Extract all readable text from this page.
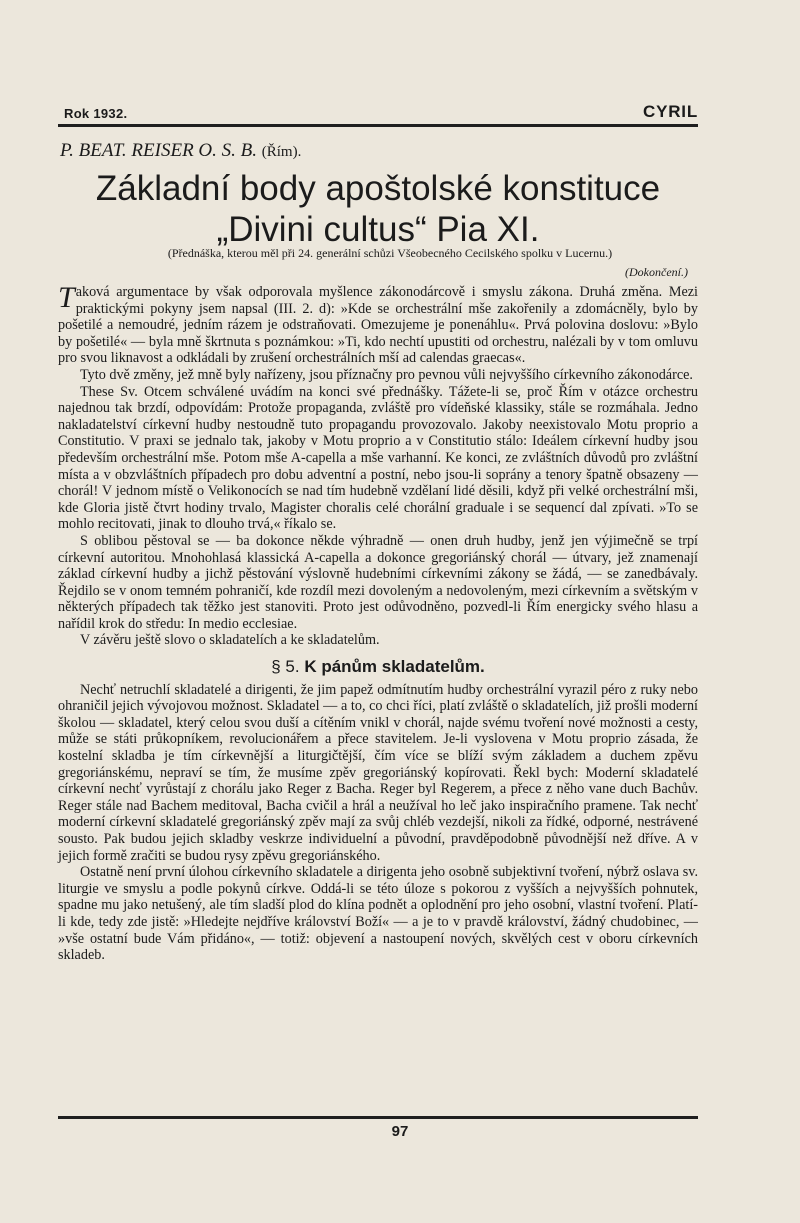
Rok 1932.	CYRIL
P. BEAT. REISER O. S. B. (Řím).
Základní body apoštolské konstituce
„Divini cultus“ Pia XI.
(Přednáška, kterou měl při 24. generální schůzi Všeobecného Cecilského spolku v Lucernu.)
(Dokončení.)

Taková argumentace by však odporovala myšlence zákonodárcově i smyslu zákona. Druhá změna. Mezi praktickými pokyny jsem napsal (III. 2. d): »Kde se orchestrální mše zakořenily a zdomácněly, bylo by pošetilé a nemoudré, jedním rázem je odstraňovati. Omezujeme je ponenáhlu«. Prvá polovina doslovu: »Bylo by pošetilé« — byla mně škrtnuta s poznámkou: »Ti, kdo nechtí upustiti od orchestru, nalézali by v tom omluvu pro svou liknavost a odkládali by zrušení orchestrálních mší ad calendas graecas«.

Tyto dvě změny, jež mně byly nařízeny, jsou příznačny pro pevnou vůli nejvyššího církevního zákonodárce.

These Sv. Otcem schválené uvádím na konci své přednášky. Tážete-li se, proč Řím v otázce orchestru najednou tak brzdí, odpovídám: Protože propaganda, zvláště pro vídeňské klassiky, stále se rozmáhala. Jedno nakladatelství církevní hudby nestoudně tuto propagandu provozovalo. Jakoby neexistovalo Motu proprio a Constitutio. V praxi se jednalo tak, jakoby v Motu proprio a v Constitutio stálo: Ideálem církevní hudby jsou především orchestrální mše. Potom mše A-capella a mše varhanní. Ke konci, ze zvláštních důvodů pro zvláštní místa a v obzvláštních případech pro dobu adventní a postní, nebo jsou-li soprány a tenory špatně obsazeny — chorál! V jednom místě o Velikonocích se nad tím hudebně vzdělaní lidé děsili, když při velké orchestrální mši, kde Gloria jistě čtvrt hodiny trvalo, Magister choralis celé chorální graduale i se sequencí dal zpívati. »To se mohlo recitovati, jinak to dlouho trvá,« říkalo se.

S oblibou pěstoval se — ba dokonce někde výhradně — onen druh hudby, jenž jen výjimečně se trpí církevní autoritou. Mnohohlasá klassická A-capella a dokonce gregoriánský chorál — útvary, jež znamenají základ církevní hudby a jichž pěstování výslovně hudebními církevními zákony se žádá, — se zanedbávaly. Řejdilo se v onom temném pohraničí, kde rozdíl mezi dovoleným a nedovoleným, mezi církevním a světským v některých případech tak těžko jest stanoviti. Proto jest odůvodněno, pozvedl-li Řím energicky svého hlasu a nařídil krok do středu: In medio ecclesiae.

V závěru ještě slovo o skladatelích a ke skladatelům.

§ 5. K pánům skladatelům.

Nechť netruchlí skladatelé a dirigenti, že jim papež odmítnutím hudby orchestrální vyrazil péro z ruky nebo ohraničil jejich vývojovou možnost. Skladatel — a to, co chci říci, platí zvláště o skladatelích, již prošli moderní školou — skladatel, který celou svou duší a cítěním vnikl v chorál, najde svému tvoření nové možnosti a cesty, může se státi průkopníkem, revolucionářem a přece stavitelem. Je-li vyslovena v Motu proprio zásada, že kostelní skladba je tím církevnější a liturgičtější, čím více se blíží svým základem a duchem zpěvu gregoriánskému, nepraví se tím, že musíme zpěv gregoriánský kopírovati. Řekl bych: Moderní skladatelé církevní nechť vyrůstají z chorálu jako Reger z Bacha. Reger byl Regerem, a přece z něho vane duch Bachův. Reger stále nad Bachem meditoval, Bacha cvičil a hrál a neužíval ho leč jako inspiračního pramene. Tak nechť moderní církevní skladatelé gregoriánský zpěv mají za svůj chléb vezdejší, nikoli za řídké, odporné, nestrávené sousto. Pak budou jejich skladby veskrze individuelní a původní, pravděpodobně původnější než dříve. A v jejich formě zračiti se budou rysy zpěvu gregoriánského.

Ostatně není první úlohou církevního skladatele a dirigenta jeho osobně subjektivní tvoření, nýbrž oslava sv. liturgie ve smyslu a podle pokynů církve. Oddá-li se této úloze s pokorou z vyšších a nejvyšších pohnutek, spadne mu jako netušený, ale tím sladší plod do klína podnět a oplodnění pro jeho osobní, vlastní tvoření. Platí-li kde, tedy zde jistě: »Hledejte nejdříve království Boží« — a je to v pravdě království, žádný chudobinec, — »vše ostatní bude Vám přidáno«, — totiž: objevení a nastoupení nových, skvělých cest v oboru církevních skladeb.

97
